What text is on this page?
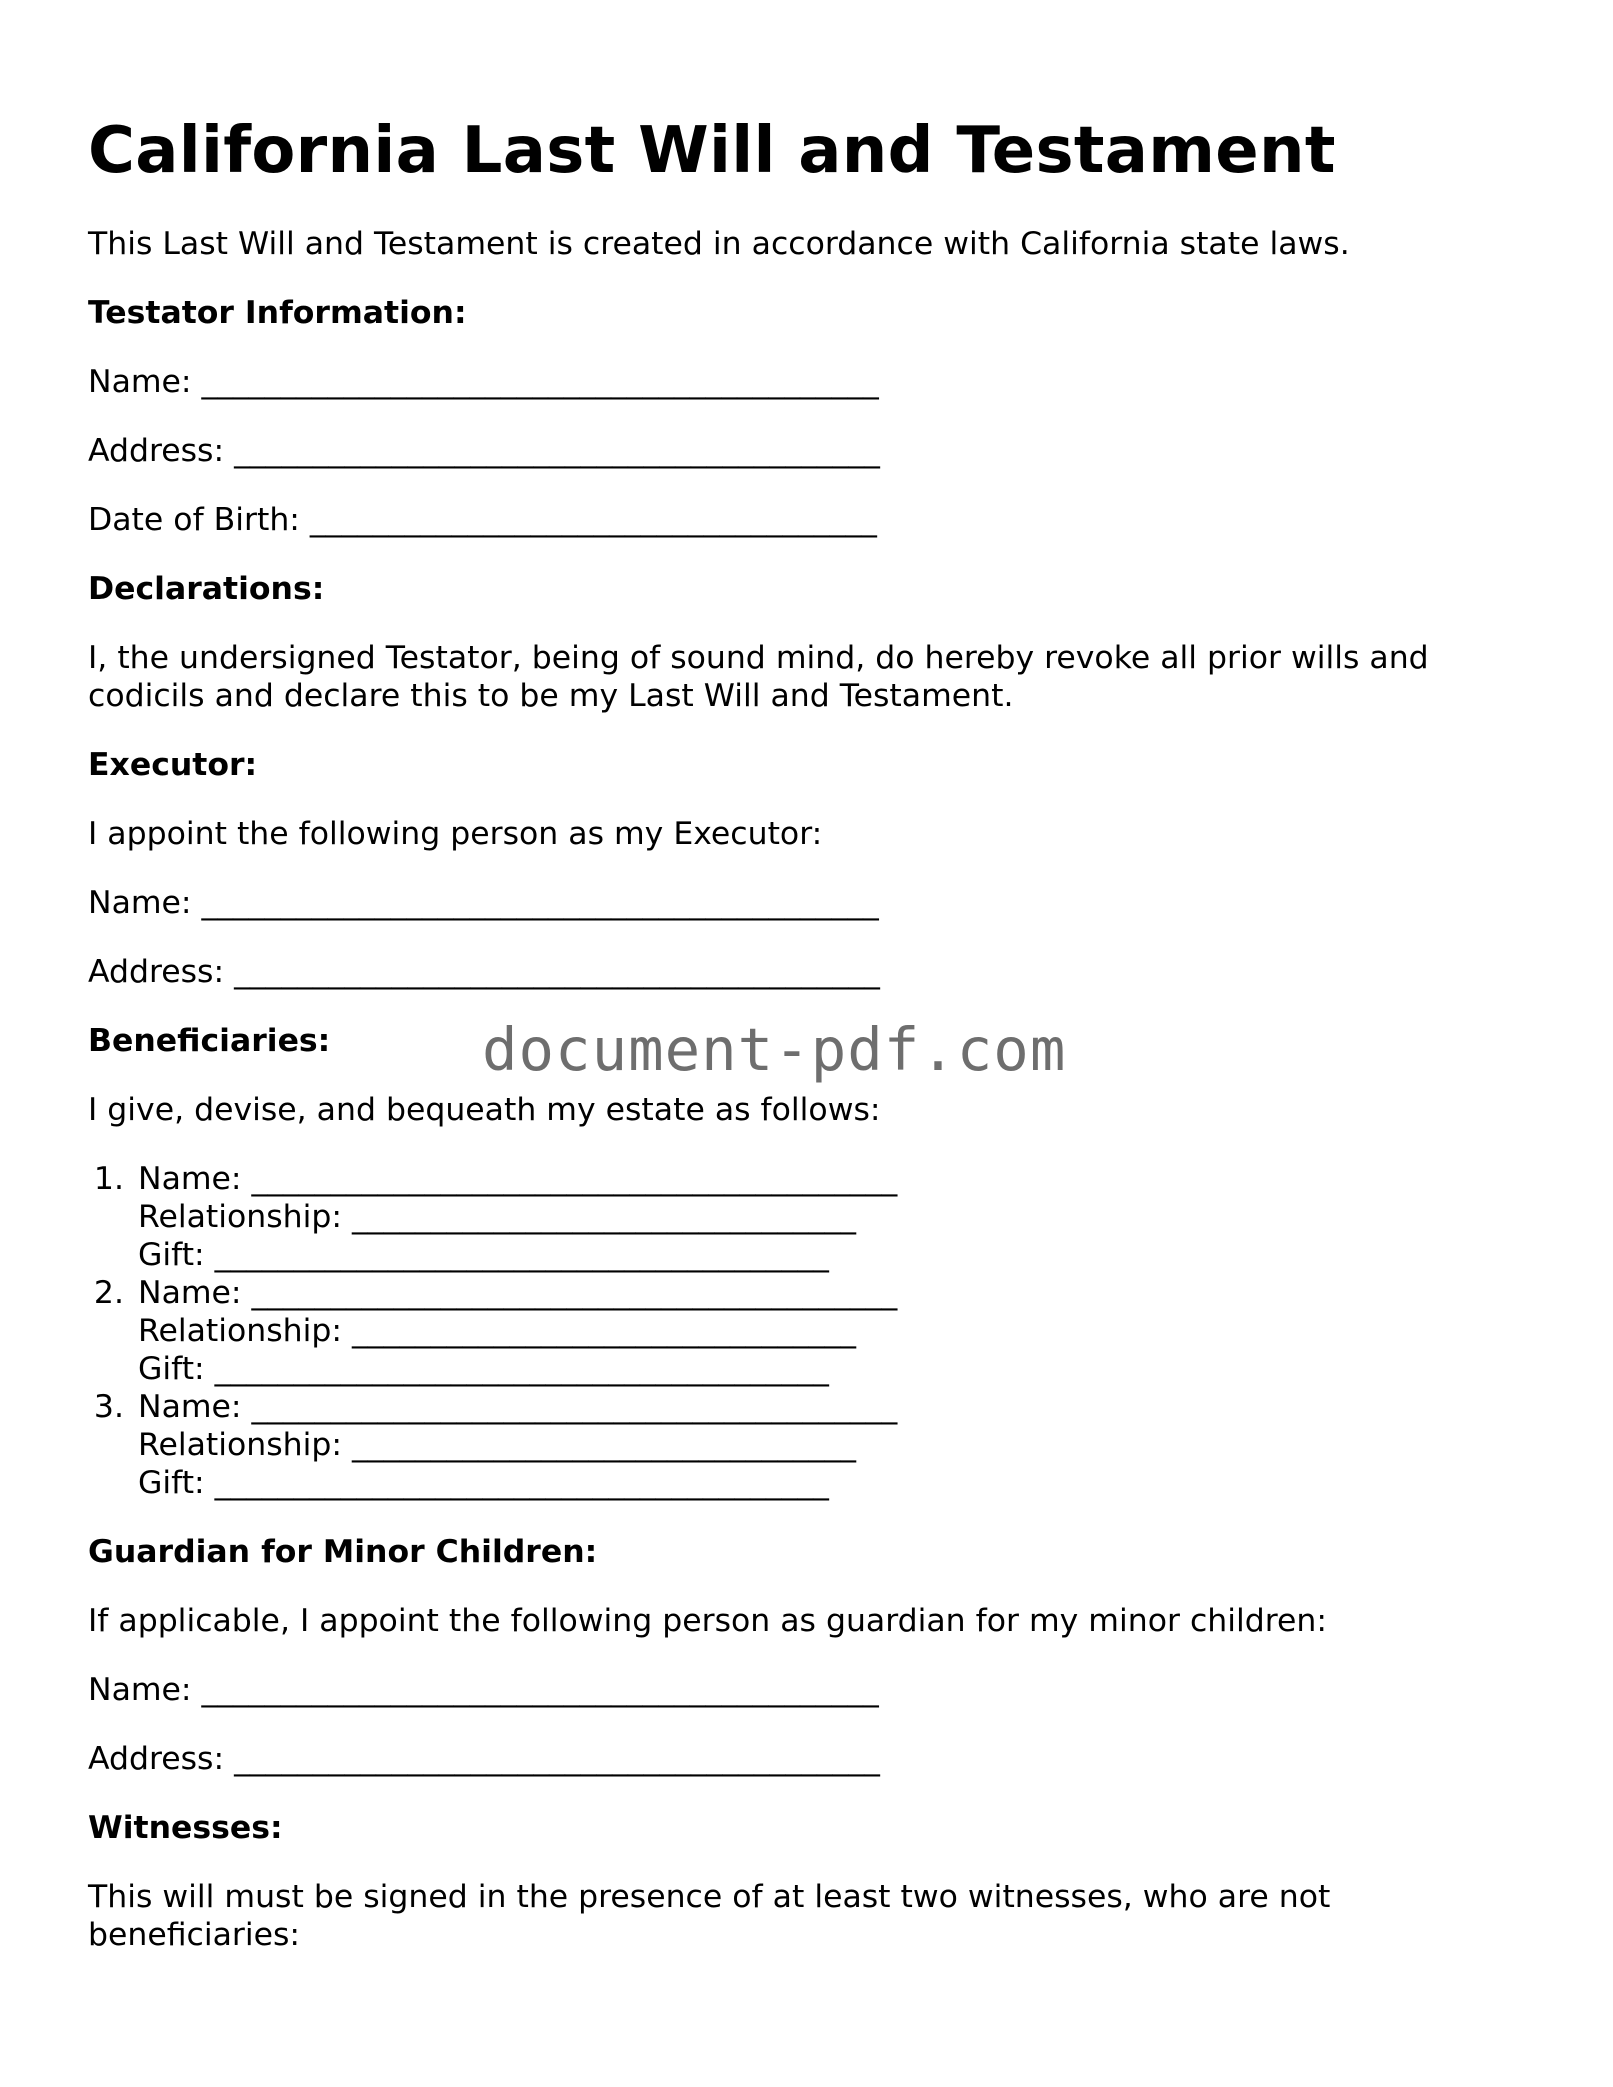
California Last Will and Testament

This Last Will and Testament is created in accordance with California state laws.

Testator Information:

Name: ___________________________________________

Address: _________________________________________

Date of Birth: ____________________________________

Declarations:

I, the undersigned Testator, being of sound mind, do hereby revoke all prior wills and codicils and declare this to be my Last Will and Testament.

Executor:

I appoint the following person as my Executor:

Name: ___________________________________________

Address: _________________________________________

Beneficiaries:

I give, devise, and bequeath my estate as follows:

1. Name: _________________________________________
Relationship: ________________________________
Gift: _______________________________________
2. Name: _________________________________________
Relationship: ________________________________
Gift: _______________________________________
3. Name: _________________________________________
Relationship: ________________________________
Gift: _______________________________________

Guardian for Minor Children:

If applicable, I appoint the following person as guardian for my minor children:

Name: ___________________________________________

Address: _________________________________________

Witnesses:

This will must be signed in the presence of at least two witnesses, who are not beneficiaries:

document-pdf.com
